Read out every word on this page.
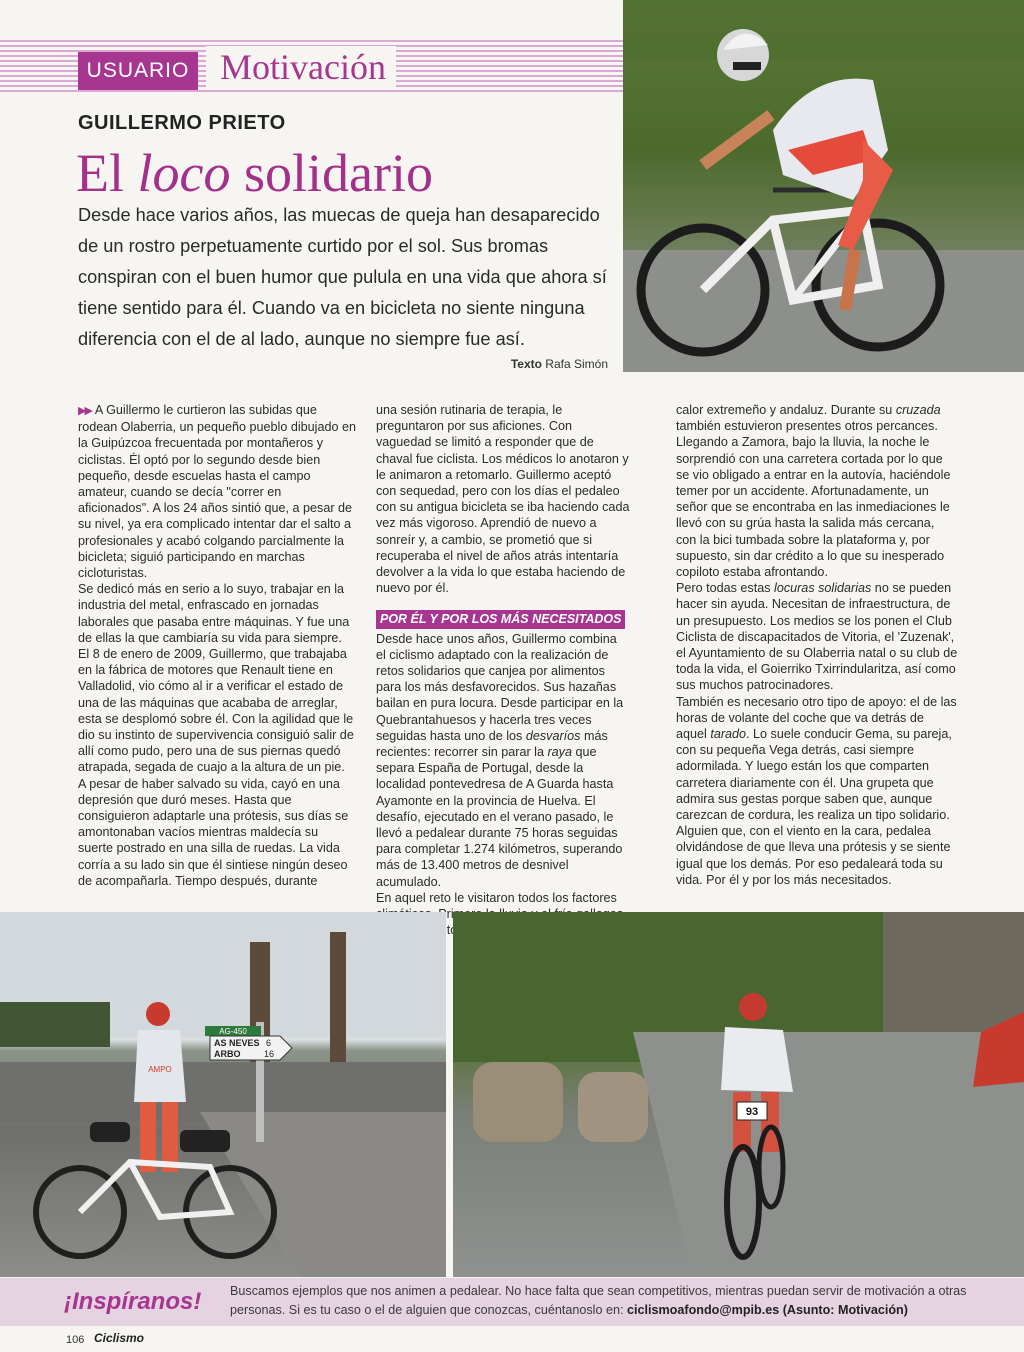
USUARIO Motivación
GUILLERMO PRIETO
El loco solidario
Desde hace varios años, las muecas de queja han desaparecido de un rostro perpetuamente curtido por el sol. Sus bromas conspiran con el buen humor que pulula en una vida que ahora sí tiene sentido para él. Cuando va en bicicleta no siente ninguna diferencia con el de al lado, aunque no siempre fue así.
Texto Rafa Simón

▶▶ A Guillermo le curtieron las subidas que rodean Olaberria, un pequeño pueblo dibujado en la Guipúzcoa frecuentada por montañeros y ciclistas. Él optó por lo segundo desde bien pequeño, desde escuelas hasta el campo amateur, cuando se decía "correr en aficionados". A los 24 años sintió que, a pesar de su nivel, ya era complicado intentar dar el salto a profesionales y acabó colgando parcialmente la bicicleta; siguió participando en marchas cicloturistas.

Se dedicó más en serio a lo suyo, trabajar en la industria del metal, enfrascado en jornadas laborales que pasaba entre máquinas. Y fue una de ellas la que cambiaría su vida para siempre.

El 8 de enero de 2009, Guillermo, que trabajaba en la fábrica de motores que Renault tiene en Valladolid, vio cómo al ir a verificar el estado de una de las máquinas que acababa de arreglar, esta se desplomó sobre él. Con la agilidad que le dio su instinto de supervivencia consiguió salir de allí como pudo, pero una de sus piernas quedó atrapada, segada de cuajo a la altura de un pie.

A pesar de haber salvado su vida, cayó en una depresión que duró meses. Hasta que consiguieron adaptarle una prótesis, sus días se amontonaban vacíos mientras maldecía su suerte postrado en una silla de ruedas. La vida corría a su lado sin que él sintiese ningún deseo de acompañarla. Tiempo después, durante

una sesión rutinaria de terapia, le preguntaron por sus aficiones. Con vaguedad se limitó a responder que de chaval fue ciclista. Los médicos lo anotaron y le animaron a retomarlo. Guillermo aceptó con sequedad, pero con los días el pedaleo con su antigua bicicleta se iba haciendo cada vez más vigoroso. Aprendió de nuevo a sonreír y, a cambio, se prometió que si recuperaba el nivel de años atrás intentaría devolver a la vida lo que estaba haciendo de nuevo por él.

POR ÉL Y POR LOS MÁS NECESITADOS

Desde hace unos años, Guillermo combina el ciclismo adaptado con la realización de retos solidarios que canjea por alimentos para los más desfavorecidos. Sus hazañas bailan en pura locura. Desde participar en la Quebrantahuesos y hacerla tres veces seguidas hasta uno de los desvaríos más recientes: recorrer sin parar la raya que separa España de Portugal, desde la localidad pontevedresa de A Guarda hasta Ayamonte en la provincia de Huelva. El desafío, ejecutado en el verano pasado, le llevó a pedalear durante 75 horas seguidas para completar 1.274 kilómetros, superando más de 13.400 metros de desnivel acumulado.

En aquel reto le visitaron todos los factores

calor extremeño y andaluz. Durante su cruzada también estuvieron presentes otros percances. Llegando a Zamora, bajo la lluvia, la noche le sorprendió con una carretera cortada por lo que se vio obligado a entrar en la autovía, haciéndole temer por un accidente. Afortunadamente, un señor que se encontraba en las inmediaciones le llevó con su grúa hasta la salida más cercana, con la bici tumbada sobre la plataforma y, por supuesto, sin dar crédito a lo que su inesperado copiloto estaba afrontando.

Pero todas estas locuras solidarias no se pueden hacer sin ayuda. Necesitan de infraestructura, de un presupuesto. Los medios se los ponen el Club Ciclista de discapacitados de Vitoria, el 'Zuzenak', el Ayuntamiento de su Olaberria natal o su club de toda la vida, el Goierriko Txirrindularitza, así como sus muchos patrocinadores.

También es necesario otro tipo de apoyo: el de las horas de volante del coche que va detrás de aquel tarado. Lo suele conducir Gema, su pareja, con su pequeña Vega detrás, casi siempre adormilada. Y luego están los que comparten carretera diariamente con él. Una grupeta que admira sus gestas porque saben que, aunque carezcan de cordura, les realiza un tipo solidario. Alguien que, con el viento en la cara, pedalea olvidándose de que lleva una prótesis y se siente igual que los demás. Por eso pedaleará toda su vida. Por él y por los más necesitados.

AG-450
AS NEVES 6
ARBO	16
AMPO
93
¡Inspíranos! Buscamos ejemplos que nos animen a pedalear. No hace falta que sean competitivos, mientras puedan servir de motivación a otras personas. Si es tu caso o el de alguien que conozcas, cuéntanoslo en: ciclismoafondo@mpib.es (Asunto: Motivación)
106 Ciclismo
